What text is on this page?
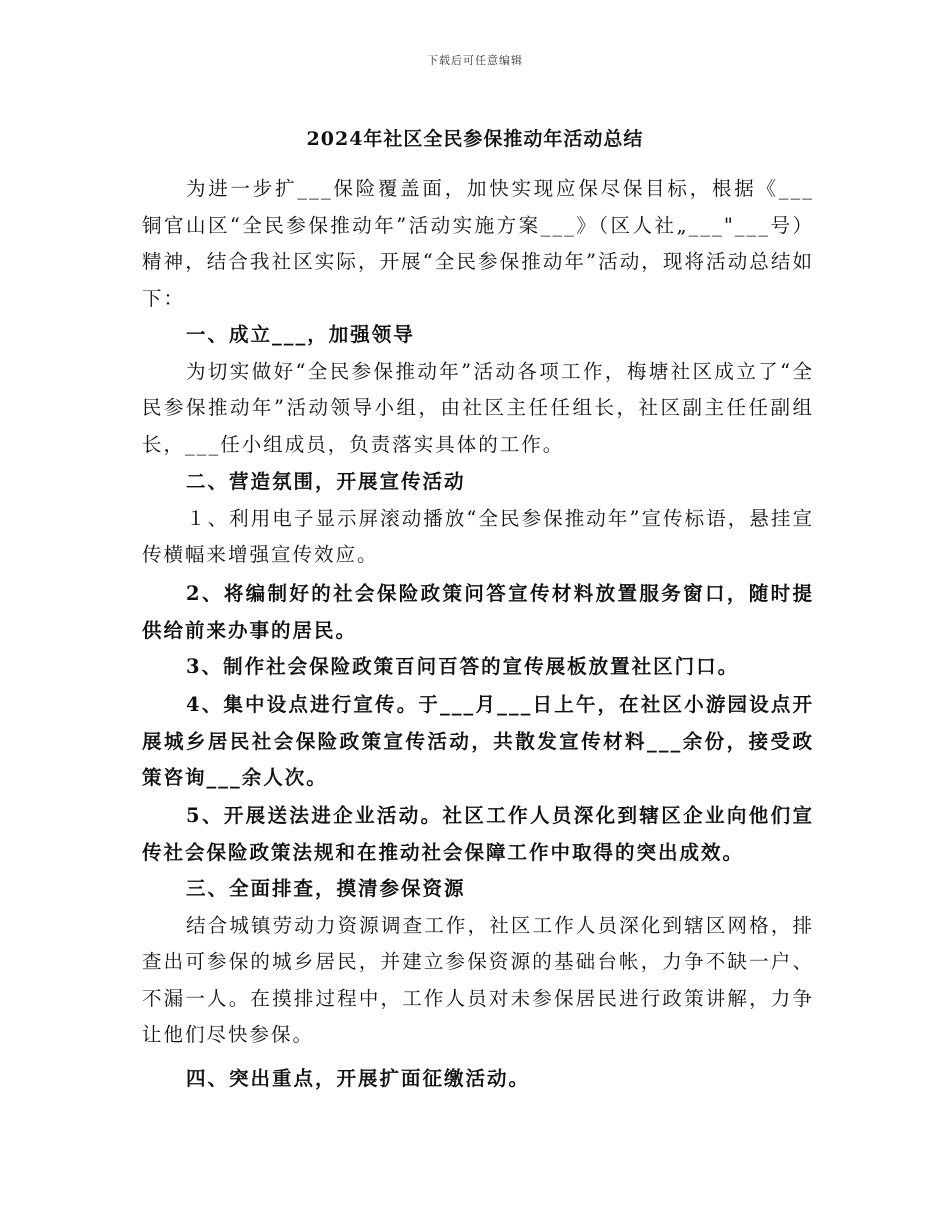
下载后可任意编辑
2024年社区全民参保推动年活动总结

为进一步扩___保险覆盖面，加快实现应保尽保目标，根据《___铜官山区“全民参保推动年”活动实施方案___》（区人社„___"___号）精神，结合我社区实际，开展“全民参保推动年”活动，现将活动总结如下：

一、成立___，加强领导

为切实做好“全民参保推动年”活动各项工作，梅塘社区成立了“全民参保推动年”活动领导小组，由社区主任任组长，社区副主任任副组长，___任小组成员，负责落实具体的工作。

二、营造氛围，开展宣传活动

１、利用电子显示屏滚动播放“全民参保推动年”宣传标语，悬挂宣传横幅来增强宣传效应。

2、将编制好的社会保险政策问答宣传材料放置服务窗口，随时提供给前来办事的居民。

3、制作社会保险政策百问百答的宣传展板放置社区门口。

4、集中设点进行宣传。于___月___日上午，在社区小游园设点开展城乡居民社会保险政策宣传活动，共散发宣传材料___余份，接受政策咨询___余人次。

5、开展送法进企业活动。社区工作人员深化到辖区企业向他们宣传社会保险政策法规和在推动社会保障工作中取得的突出成效。

三、全面排查，摸清参保资源

结合城镇劳动力资源调查工作，社区工作人员深化到辖区网格，排查出可参保的城乡居民，并建立参保资源的基础台帐，力争不缺一户、不漏一人。在摸排过程中，工作人员对未参保居民进行政策讲解，力争让他们尽快参保。

四、突出重点，开展扩面征缴活动。
